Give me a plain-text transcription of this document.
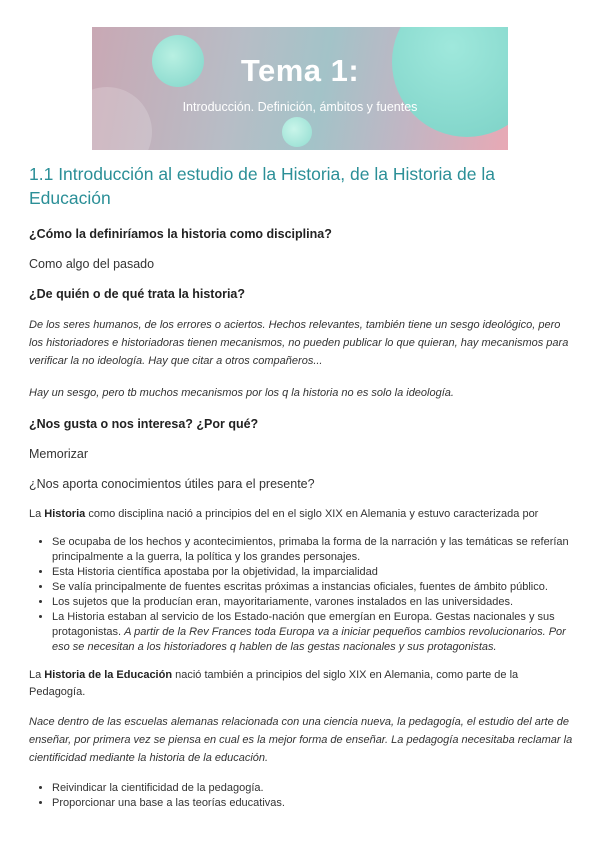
Tema 1:
Introducción. Definición, ámbitos y fuentes
1.1 Introducción al estudio de la Historia, de la Historia de la Educación

¿Cómo la definiríamos la historia como disciplina?

Como algo del pasado

¿De quién o de qué trata la historia?

De los seres humanos, de los errores o aciertos. Hechos relevantes, también tiene un sesgo ideológico, pero los historiadores e historiadoras tienen mecanismos, no pueden publicar lo que quieran, hay mecanismos para verificar la no ideología. Hay que citar a otros compañeros...

Hay un sesgo, pero tb muchos mecanismos por los q la historia no es solo la ideología.

¿Nos gusta o nos interesa? ¿Por qué?

Memorizar

¿Nos aporta conocimientos útiles para el presente?

La Historia como disciplina nació a principios del en el siglo XIX en Alemania y estuvo caracterizada por

• Se ocupaba de los hechos y acontecimientos, primaba la forma de la narración y las temáticas se referían principalmente a la guerra, la política y los grandes personajes.
• Esta Historia científica apostaba por la objetividad, la imparcialidad
• Se valía principalmente de fuentes escritas próximas a instancias oficiales, fuentes de ámbito público.
• Los sujetos que la producían eran, mayoritariamente, varones instalados en las universidades.
• La Historia estaban al servicio de los Estado-nación que emergían en Europa. Gestas nacionales y sus protagonistas. A partir de la Rev Frances toda Europa va a iniciar pequeños cambios revolucionarios. Por eso se necesitan a los historiadores q hablen de las gestas nacionales y sus protagonistas.

La Historia de la Educación nació también a principios del siglo XIX en Alemania, como parte de la Pedagogía.

Nace dentro de las escuelas alemanas relacionada con una ciencia nueva, la pedagogía, el estudio del arte de enseñar, por primera vez se piensa en cual es la mejor forma de enseñar. La pedagogía necesitaba reclamar la cientificidad mediante la historia de la educación.

• Reivindicar la cientificidad de la pedagogía.
• Proporcionar una base a las teorías educativas.
